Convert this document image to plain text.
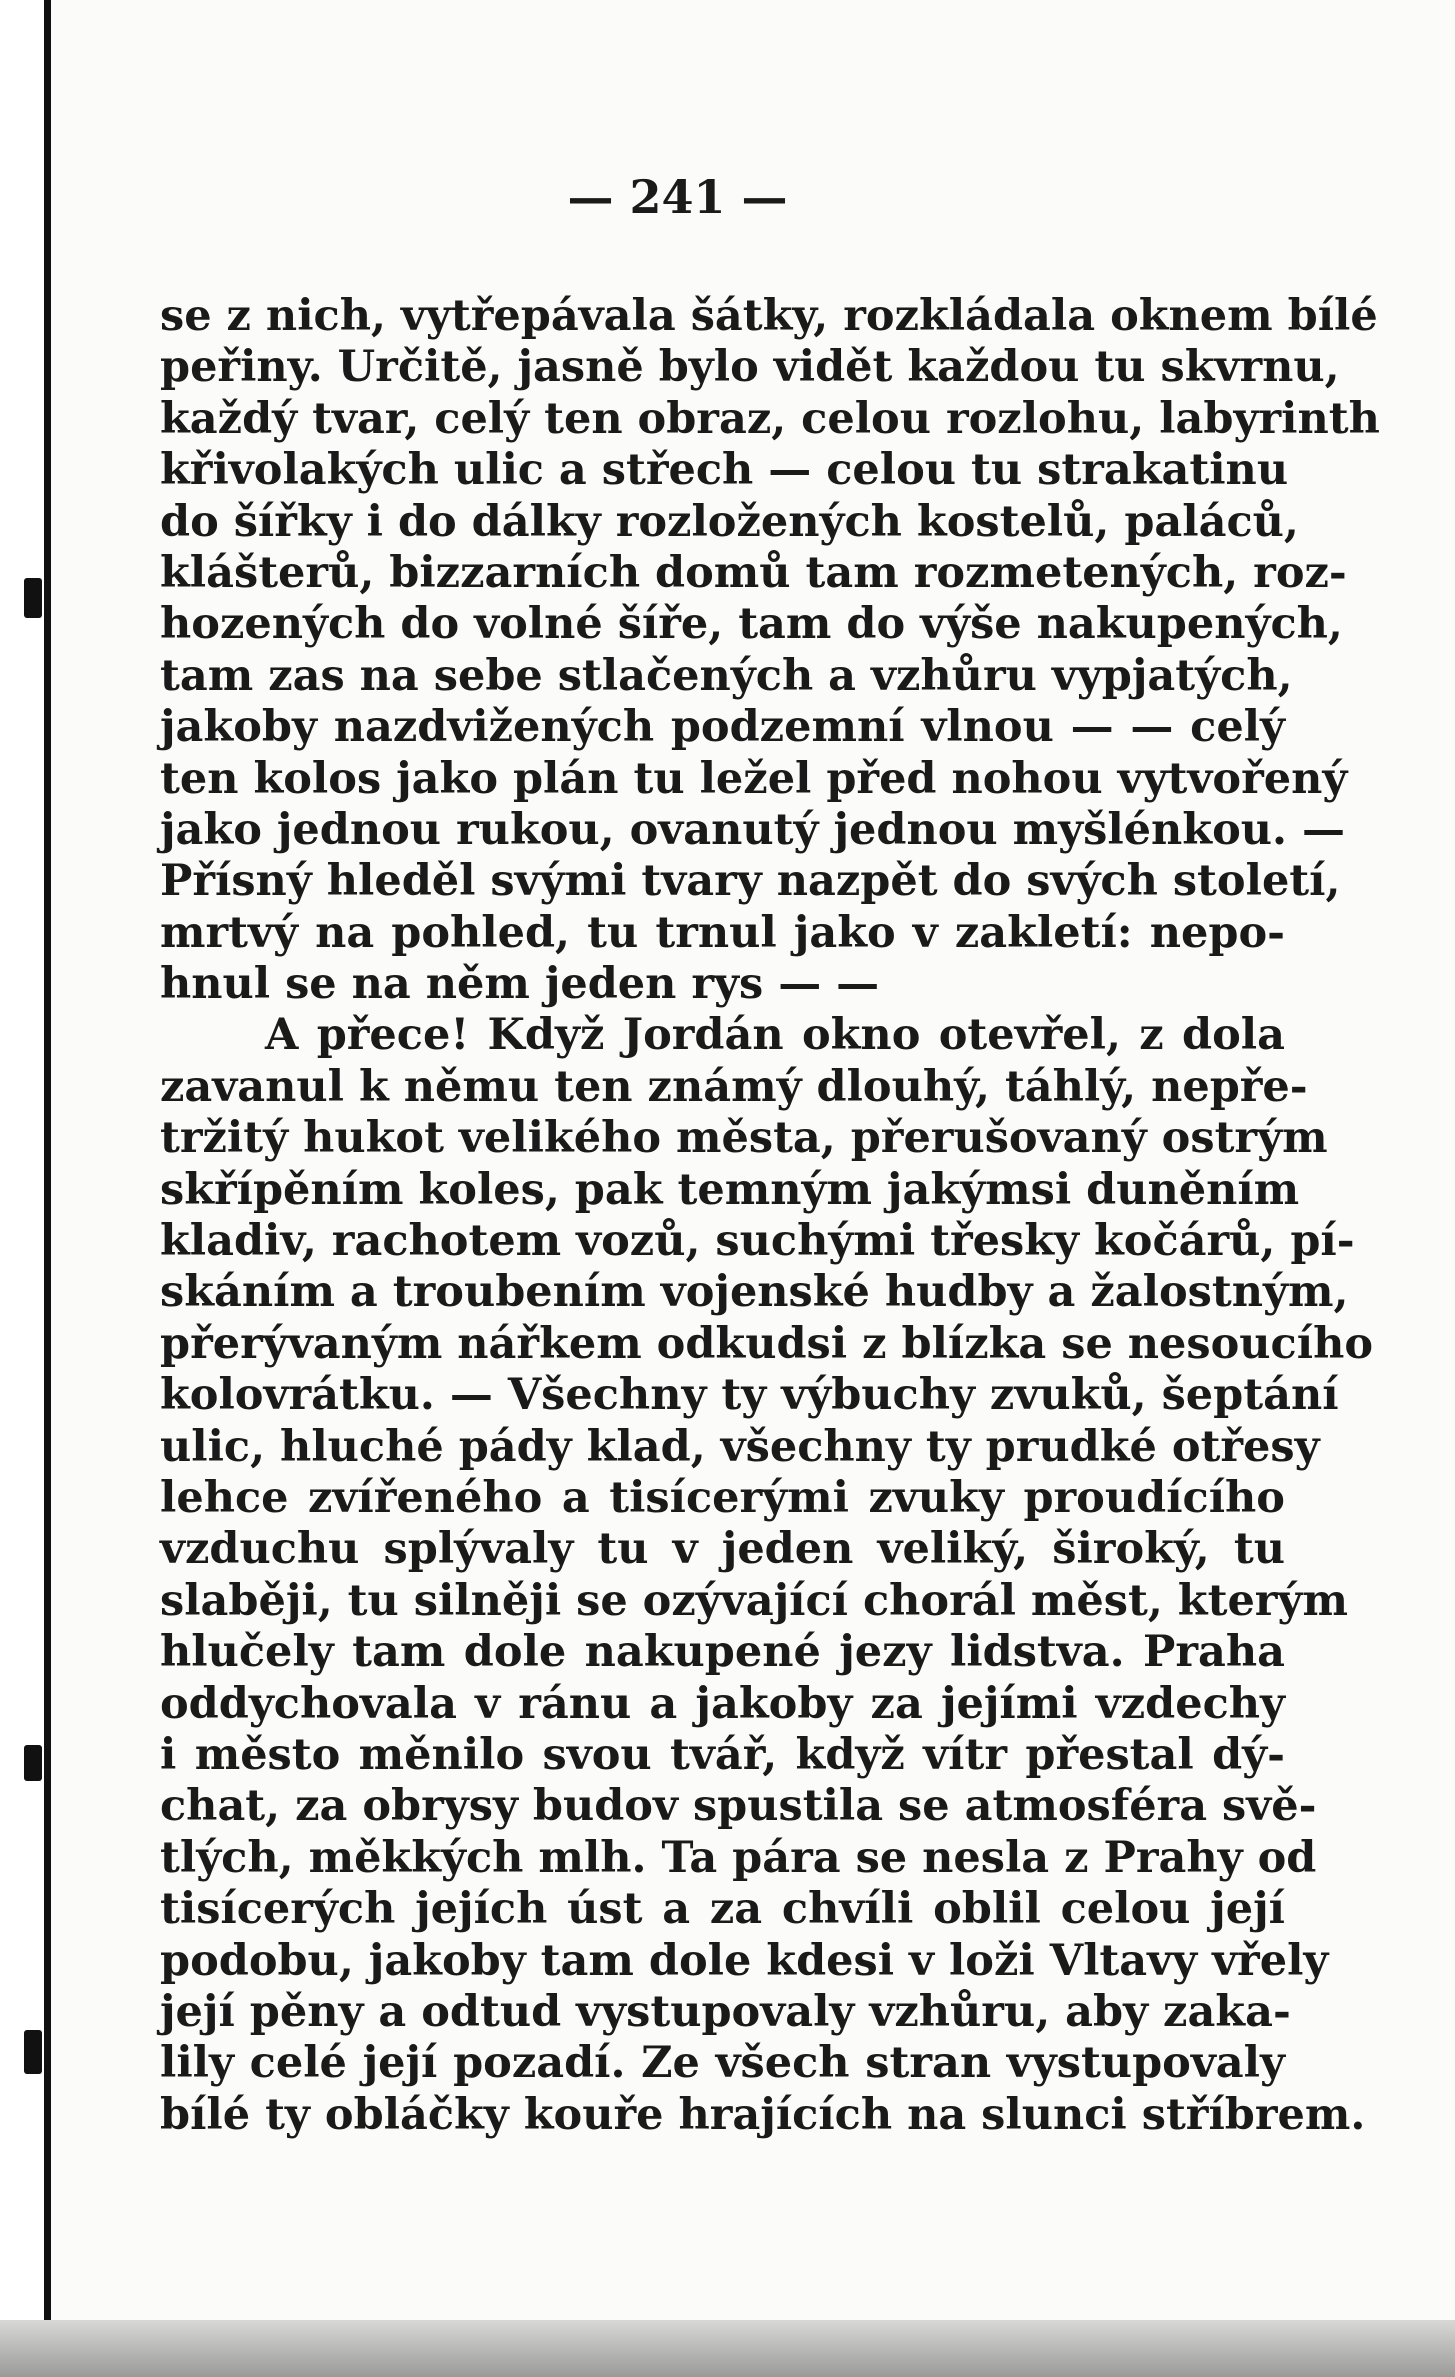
— 241 —
se z nich, vytřepávala šátky, rozkládala oknem bílé
peřiny. Určitě, jasně bylo vidět každou tu skvrnu,
každý tvar, celý ten obraz, celou rozlohu, labyrinth
křivolakých ulic a střech — celou tu strakatinu
do šířky i do dálky rozložených kostelů, paláců,
klášterů, bizzarních domů tam rozmetených, roz-
hozených do volné šíře, tam do výše nakupených,
tam zas na sebe stlačených a vzhůru vypjatých,
jakoby nazdvižených podzemní vlnou — — celý
ten kolos jako plán tu ležel před nohou vytvořený
jako jednou rukou, ovanutý jednou myšlénkou. —
Přísný hleděl svými tvary nazpět do svých století,
mrtvý na pohled, tu trnul jako v zakletí: nepo-
hnul se na něm jeden rys — —
A přece! Když Jordán okno otevřel, z dola
zavanul k němu ten známý dlouhý, táhlý, nepře-
tržitý hukot velikého města, přerušovaný ostrým
skřípěním koles, pak temným jakýmsi duněním
kladiv, rachotem vozů, suchými třesky kočárů, pí-
skáním a troubením vojenské hudby a žalostným,
přerývaným nářkem odkudsi z blízka se nesoucího
kolovrátku. — Všechny ty výbuchy zvuků, šeptání
ulic, hluché pády klad, všechny ty prudké otřesy
lehce zvířeného a tisícerými zvuky proudícího
vzduchu splývaly tu v jeden veliký, široký, tu
slaběji, tu silněji se ozývající chorál měst, kterým
hlučely tam dole nakupené jezy lidstva. Praha
oddychovala v ránu a jakoby za jejími vzdechy
i město měnilo svou tvář, když vítr přestal dý-
chat, za obrysy budov spustila se atmosféra svě-
tlých, měkkých mlh. Ta pára se nesla z Prahy od
tisícerých jejích úst a za chvíli oblil celou její
podobu, jakoby tam dole kdesi v loži Vltavy vřely
její pěny a odtud vystupovaly vzhůru, aby zaka-
lily celé její pozadí. Ze všech stran vystupovaly
bílé ty obláčky kouře hrajících na slunci stříbrem.
